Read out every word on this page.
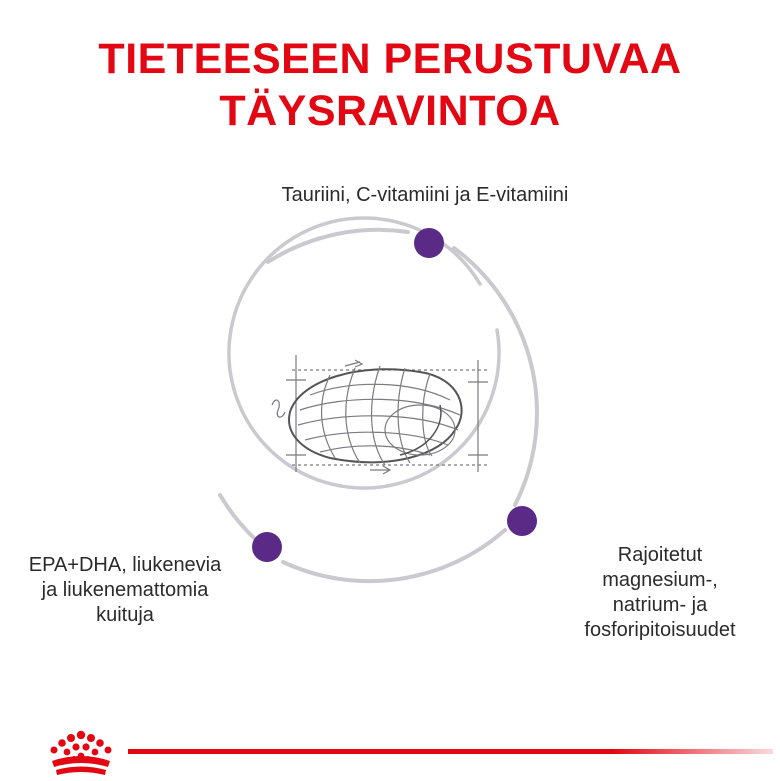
TIETEESEEN PERUSTUVAA
TÄYSRAVINTOA
Tauriini, C-vitamiini ja E-vitamiini
EPA+DHA, liukenevia
ja liukenemattomia
kuituja
Rajoitetut
magnesium-,
natrium- ja
fosforipitoisuudet
